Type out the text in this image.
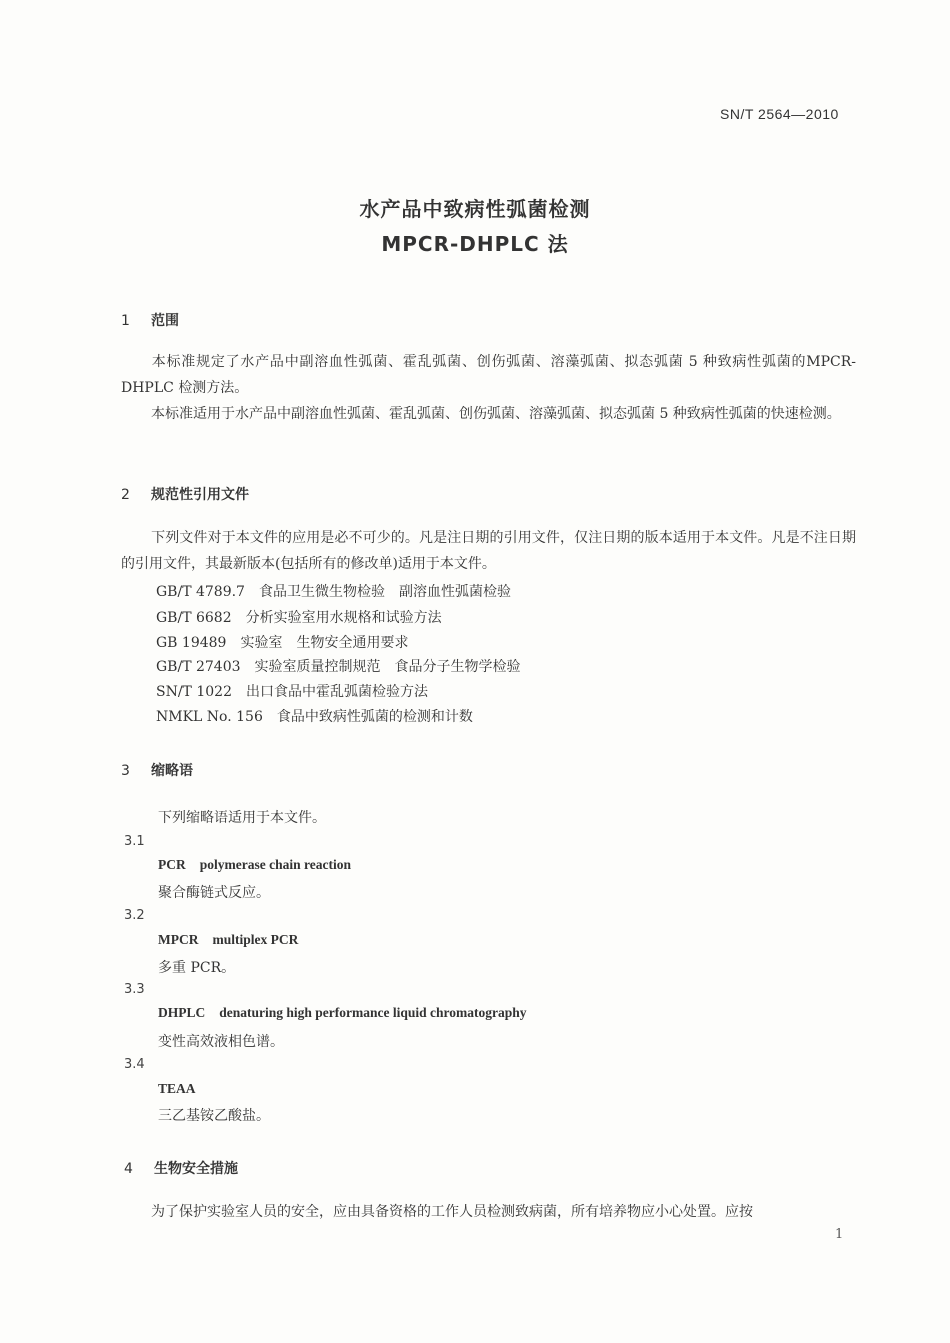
SN/T 2564—2010
水产品中致病性弧菌检测
MPCR-DHPLC 法
1 范围
本标准规定了水产品中副溶血性弧菌、霍乱弧菌、创伤弧菌、溶藻弧菌、拟态弧菌 5 种致病性弧菌的MPCR-DHPLC 检测方法。
本标准适用于水产品中副溶血性弧菌、霍乱弧菌、创伤弧菌、溶藻弧菌、拟态弧菌 5 种致病性弧菌的快速检测。
2 规范性引用文件
下列文件对于本文件的应用是必不可少的。凡是注日期的引用文件，仅注日期的版本适用于本文件。凡是不注日期的引用文件，其最新版本(包括所有的修改单)适用于本文件。
GB/T 4789.7 食品卫生微生物检验　副溶血性弧菌检验
GB/T 6682 分析实验室用水规格和试验方法
GB 19489 实验室　生物安全通用要求
GB/T 27403 实验室质量控制规范　食品分子生物学检验
SN/T 1022 出口食品中霍乱弧菌检验方法
NMKL No. 156 食品中致病性弧菌的检测和计数
3 缩略语
下列缩略语适用于本文件。
3.1
PCR polymerase chain reaction
聚合酶链式反应。
3.2
MPCR multiplex PCR
多重 PCR。
3.3
DHPLC denaturing high performance liquid chromatography
变性高效液相色谱。
3.4
TEAA
三乙基铵乙酸盐。
4 生物安全措施
为了保护实验室人员的安全，应由具备资格的工作人员检测致病菌，所有培养物应小心处置。应按
1
